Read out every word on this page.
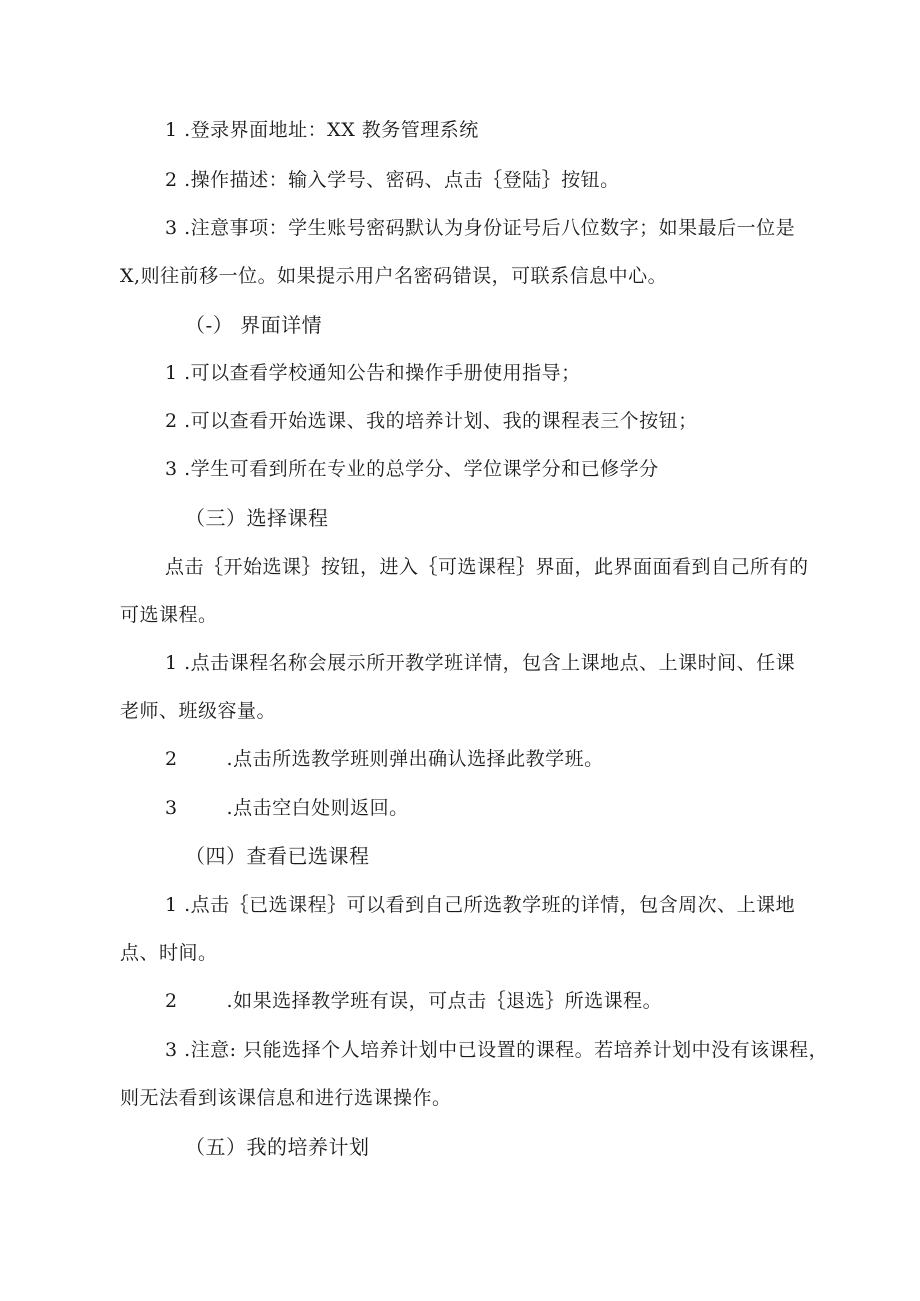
1 .登录界面地址：XX 教务管理系统
2 .操作描述：输入学号、密码、点击｛登陆｝按钮。
3 .注意事项：学生账号密码默认为身份证号后八位数字；如果最后一位是
X,则往前移一位。如果提示用户名密码错误，可联系信息中心。
（-） 界面详情
1 .可以查看学校通知公告和操作手册使用指导；
2 .可以查看开始选课、我的培养计划、我的课程表三个按钮；
3 .学生可看到所在专业的总学分、学位课学分和已修学分
（三）选择课程
点击｛开始选课｝按钮，进入｛可选课程｝界面，此界面面看到自己所有的
可选课程。
1 .点击课程名称会展示所开教学班详情，包含上课地点、上课时间、任课
老师、班级容量。
2	.点击所选教学班则弹出确认选择此教学班。
3	.点击空白处则返回。
（四）查看已选课程
1 .点击｛已选课程｝可以看到自己所选教学班的详情，包含周次、上课地
点、时间。
2	.如果选择教学班有误，可点击｛退选｝所选课程。
3 .注意: 只能选择个人培养计划中已设置的课程。若培养计划中没有该课程，
则无法看到该课信息和进行选课操作。
（五）我的培养计划
